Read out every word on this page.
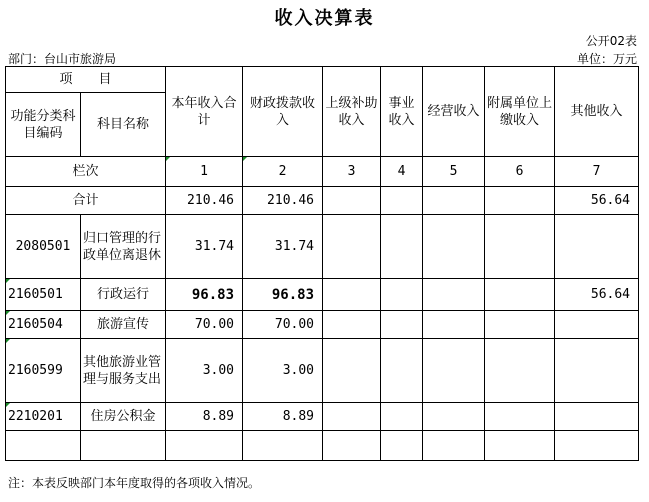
收入决算表
公开02表
部门：台山市旅游局	单位：万元
项　　目		本年收入合计	财政拨款收入	上级补助收入	事业收入	经营收入	附属单位上缴收入	其他收入
功能分类科目编码	科目名称							
栏次		1	2	3	4	5	6	7
合计		210.46	210.46					56.64
2080501	归口管理的行政单位离退休	31.74	31.74					
2160501	行政运行	96.83	96.83					56.64
2160504	旅游宣传	70.00	70.00					
2160599	其他旅游业管理与服务支出	3.00	3.00					
2210201	住房公积金	8.89	8.89					

注：本表反映部门本年度取得的各项收入情况。
